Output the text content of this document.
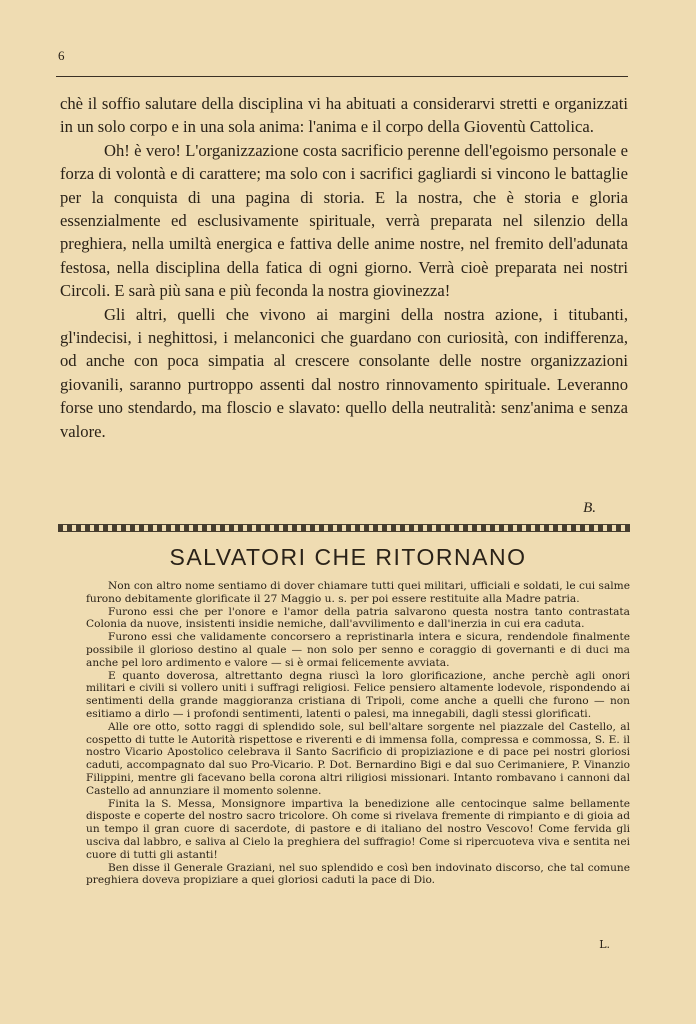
6

chè il soffio salutare della disciplina vi ha abituati a considerarvi stretti e organizzati in un solo corpo e in una sola anima: l'anima e il corpo della Gioventù Cattolica.

Oh! è vero! L'organizzazione costa sacrificio perenne dell'egoismo personale e forza di volontà e di carattere; ma solo con i sacrifici gagliardi si vincono le battaglie per la conquista di una pagina di storia. E la nostra, che è storia e gloria essenzialmente ed esclusivamente spirituale, verrà preparata nel silenzio della preghiera, nella umiltà energica e fattiva delle anime nostre, nel fremito dell'adunata festosa, nella disciplina della fatica di ogni giorno. Verrà cioè preparata nei nostri Circoli. E sarà più sana e più feconda la nostra giovinezza!

Gli altri, quelli che vivono ai margini della nostra azione, i titubanti, gl'indecisi, i neghittosi, i melanconici che guardano con curiosità, con indifferenza, od anche con poca simpatia al crescere consolante delle nostre organizzazioni giovanili, saranno purtroppo assenti dal nostro rinnovamento spirituale. Leveranno forse uno stendardo, ma floscio e slavato: quello della neutralità: senz'anima e senza valore.

B.
SALVATORI CHE RITORNANO

Non con altro nome sentiamo di dover chiamare tutti quei militari, ufficiali e soldati, le cui salme furono debitamente glorificate il 27 Maggio u. s. per poi essere restituite alla Madre patria.

Furono essi che per l'onore e l'amor della patria salvarono questa nostra tanto contrastata Colonia da nuove, insistenti insidie nemiche, dall'avvilimento e dall'inerzia in cui era caduta.

Furono essi che validamente concorsero a repristinarla intera e sicura, rendendole finalmente possibile il glorioso destino al quale — non solo per senno e coraggio di governanti e di duci ma anche pel loro ardimento e valore — si è ormai felicemente avviata.

E quanto doverosa, altrettanto degna riuscì la loro glorificazione, anche perchè agli onori militari e civili si vollero uniti i suffragi religiosi. Felice pensiero altamente lodevole, rispondendo ai sentimenti della grande maggioranza cristiana di Tripoli, come anche a quelli che furono — non esitiamo a dirlo — i profondi sentimenti, latenti o palesi, ma innegabili, dagli stessi glorificati.

Alle ore otto, sotto raggi di splendido sole, sul bell'altare sorgente nel piazzale del Castello, al cospetto di tutte le Autorità rispettose e riverenti e di immensa folla, compressa e commossa, S. E. il nostro Vicario Apostolico celebrava il Santo Sacrificio di propiziazione e di pace pei nostri gloriosi caduti, accompagnato dal suo Pro-Vicario. P. Dot. Bernardino Bigi e dal suo Cerimaniere, P. Vinanzio Filippini, mentre gli facevano bella corona altri riligiosi missionari. Intanto rombavano i cannoni dal Castello ad annunziare il momento solenne.

Finita la S. Messa, Monsignore impartiva la benedizione alle centocinque salme bellamente disposte e coperte del nostro sacro tricolore. Oh come si rivelava fremente di rimpianto e di gioia ad un tempo il gran cuore di sacerdote, di pastore e di italiano del nostro Vescovo! Come fervida gli usciva dal labbro, e saliva al Cielo la preghiera del suffragio! Come si ripercuoteva viva e sentita nei cuore di tutti gli astanti!

Ben disse il Generale Graziani, nel suo splendido e così ben indovinato discorso, che tal comune preghiera doveva propiziare a quei gloriosi caduti la pace di Dio.

L.
